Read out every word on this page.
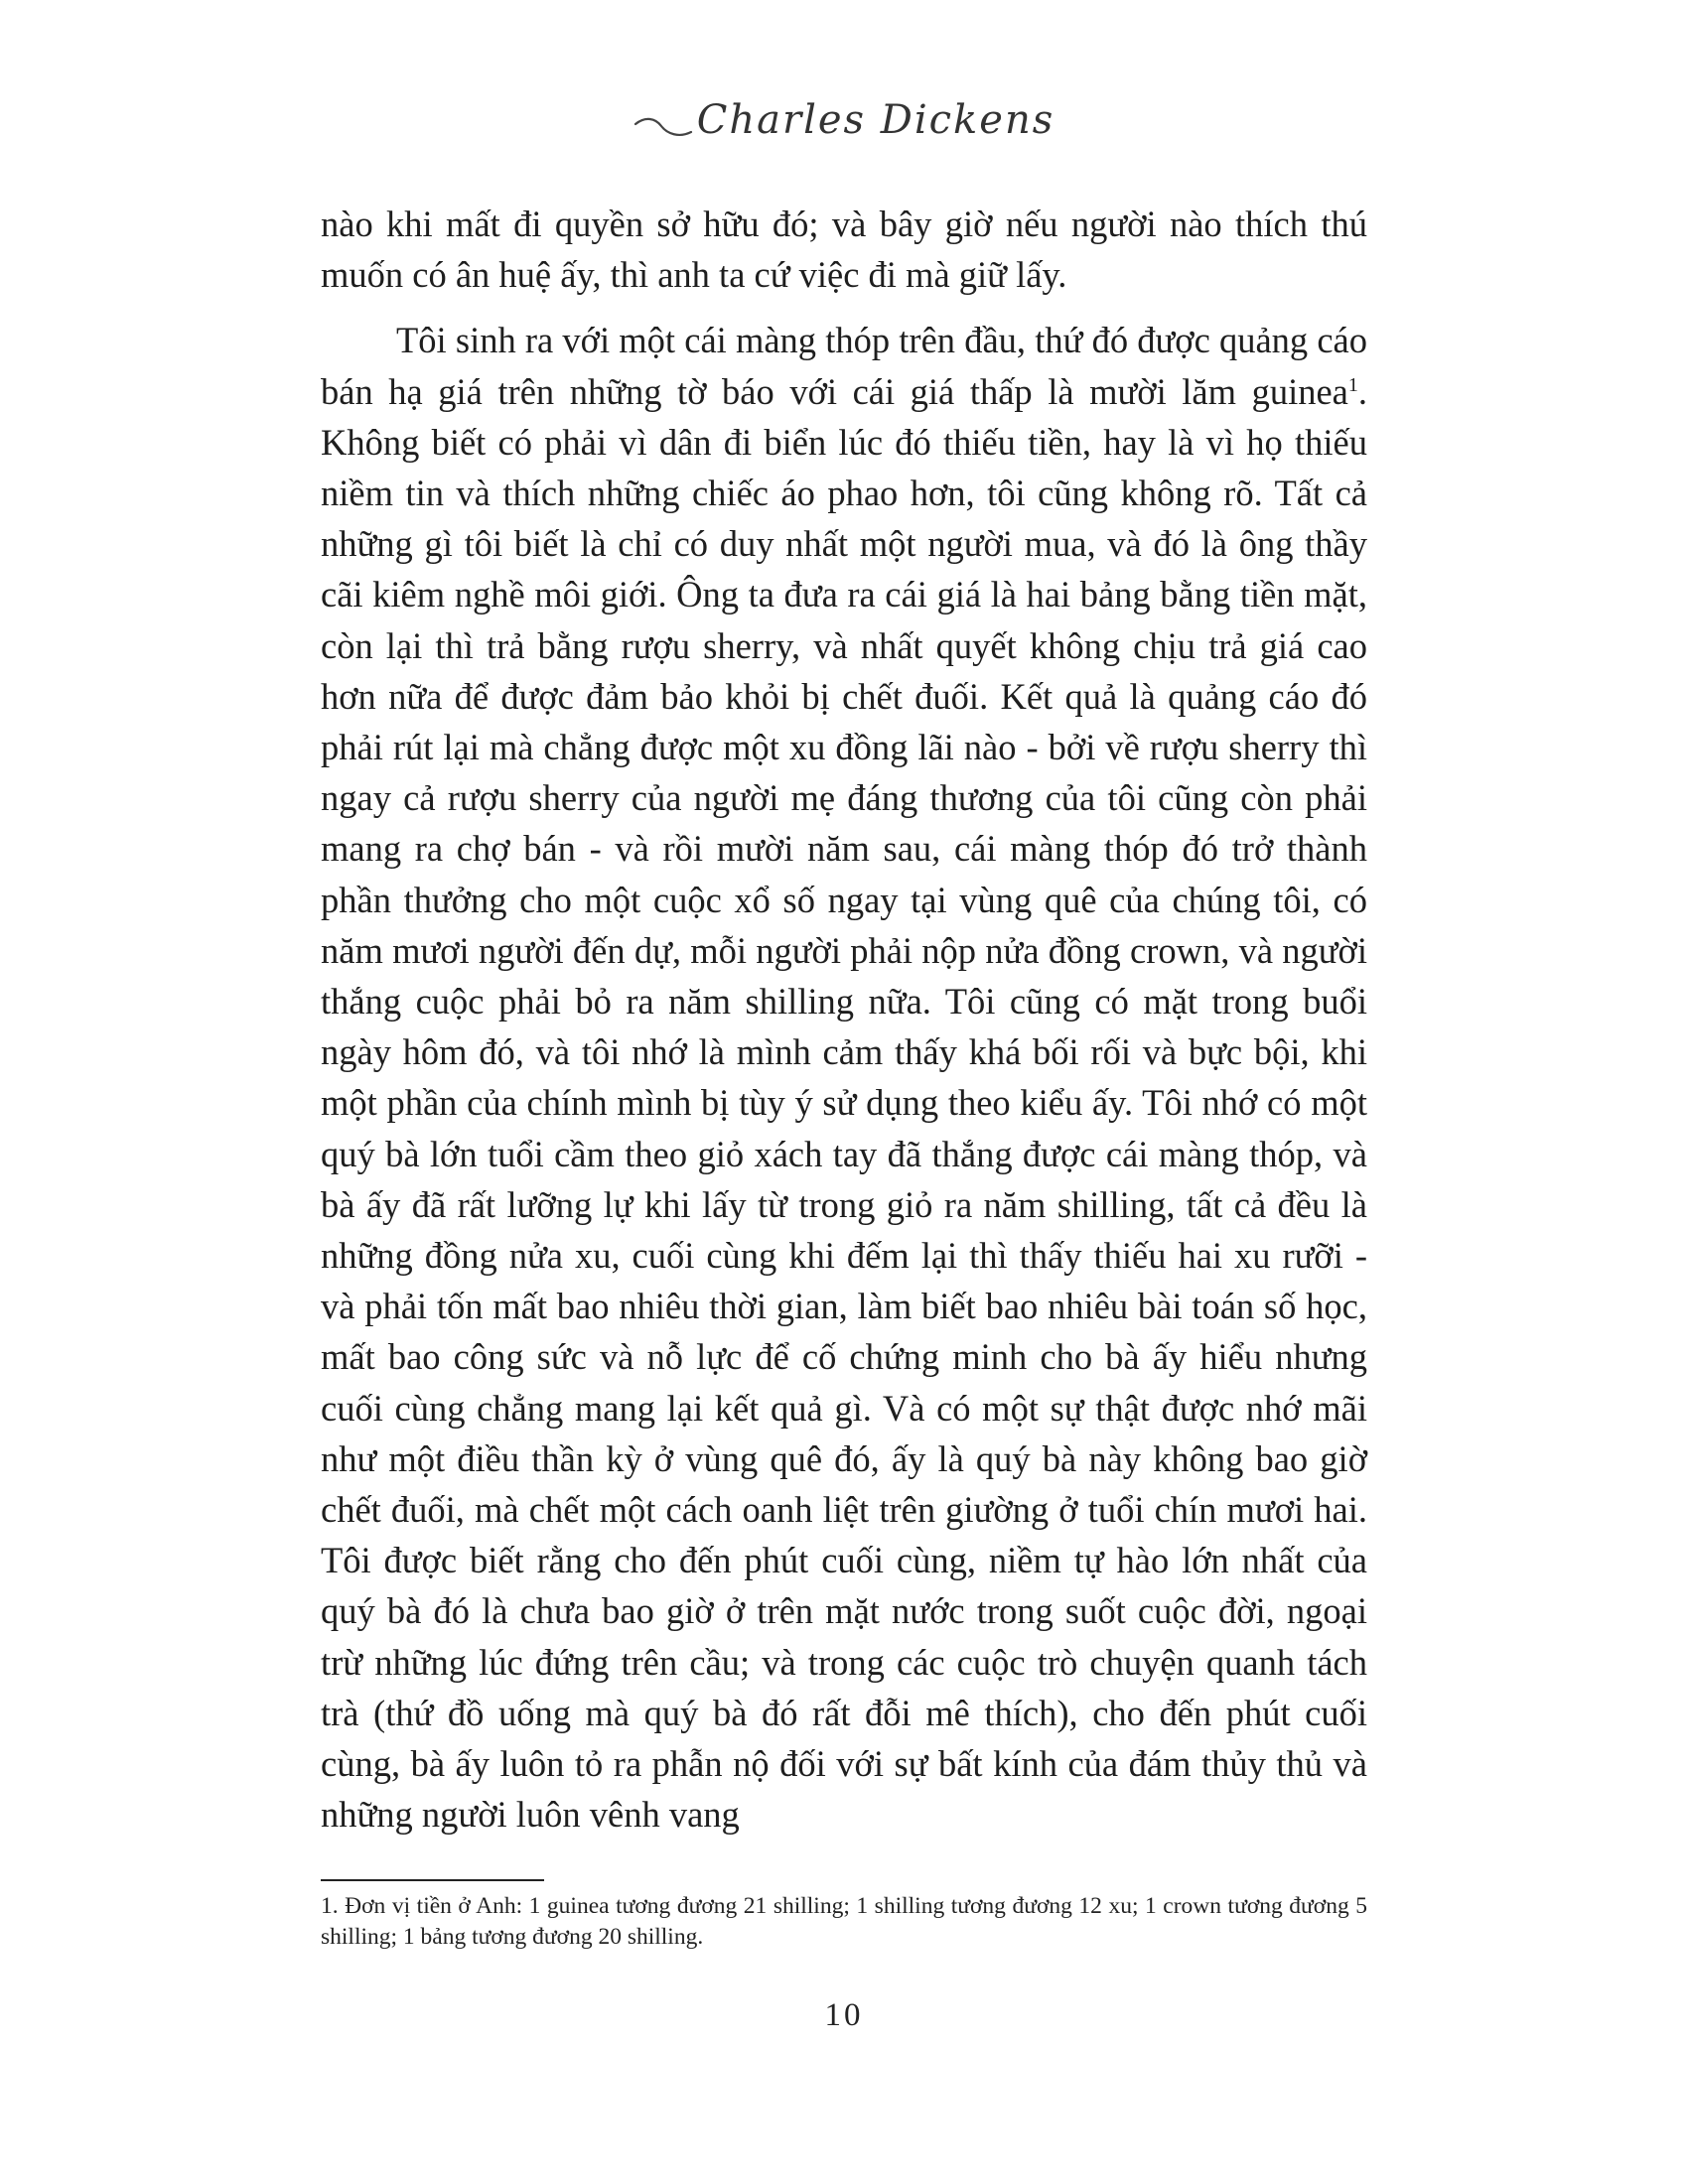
Charles Dickens

nào khi mất đi quyền sở hữu đó; và bây giờ nếu người nào thích thú muốn có ân huệ ấy, thì anh ta cứ việc đi mà giữ lấy.

Tôi sinh ra với một cái màng thóp trên đầu, thứ đó được quảng cáo bán hạ giá trên những tờ báo với cái giá thấp là mười lăm guinea$^1$. Không biết có phải vì dân đi biển lúc đó thiếu tiền, hay là vì họ thiếu niềm tin và thích những chiếc áo phao hơn, tôi cũng không rõ. Tất cả những gì tôi biết là chỉ có duy nhất một người mua, và đó là ông thầy cãi kiêm nghề môi giới. Ông ta đưa ra cái giá là hai bảng bằng tiền mặt, còn lại thì trả bằng rượu sherry, và nhất quyết không chịu trả giá cao hơn nữa để được đảm bảo khỏi bị chết đuối. Kết quả là quảng cáo đó phải rút lại mà chẳng được một xu đồng lãi nào - bởi về rượu sherry thì ngay cả rượu sherry của người mẹ đáng thương của tôi cũng còn phải mang ra chợ bán - và rồi mười năm sau, cái màng thóp đó trở thành phần thưởng cho một cuộc xổ số ngay tại vùng quê của chúng tôi, có năm mươi người đến dự, mỗi người phải nộp nửa đồng crown, và người thắng cuộc phải bỏ ra năm shilling nữa. Tôi cũng có mặt trong buổi ngày hôm đó, và tôi nhớ là mình cảm thấy khá bối rối và bực bội, khi một phần của chính mình bị tùy ý sử dụng theo kiểu ấy. Tôi nhớ có một quý bà lớn tuổi cầm theo giỏ xách tay đã thắng được cái màng thóp, và bà ấy đã rất lưỡng lự khi lấy từ trong giỏ ra năm shilling, tất cả đều là những đồng nửa xu, cuối cùng khi đếm lại thì thấy thiếu hai xu rưỡi - và phải tốn mất bao nhiêu thời gian, làm biết bao nhiêu bài toán số học, mất bao công sức và nỗ lực để cố chứng minh cho bà ấy hiểu nhưng cuối cùng chẳng mang lại kết quả gì. Và có một sự thật được nhớ mãi như một điều thần kỳ ở vùng quê đó, ấy là quý bà này không bao giờ chết đuối, mà chết một cách oanh liệt trên giường ở tuổi chín mươi hai. Tôi được biết rằng cho đến phút cuối cùng, niềm tự hào lớn nhất của quý bà đó là chưa bao giờ ở trên mặt nước trong suốt cuộc đời, ngoại trừ những lúc đứng trên cầu; và trong các cuộc trò chuyện quanh tách trà (thứ đồ uống mà quý bà đó rất đỗi mê thích), cho đến phút cuối cùng, bà ấy luôn tỏ ra phẫn nộ đối với sự bất kính của đám thủy thủ và những người luôn vênh vang

1. Đơn vị tiền ở Anh: 1 guinea tương đương 21 shilling; 1 shilling tương đương 12 xu; 1 crown tương đương 5 shilling; 1 bảng tương đương 20 shilling.
10
